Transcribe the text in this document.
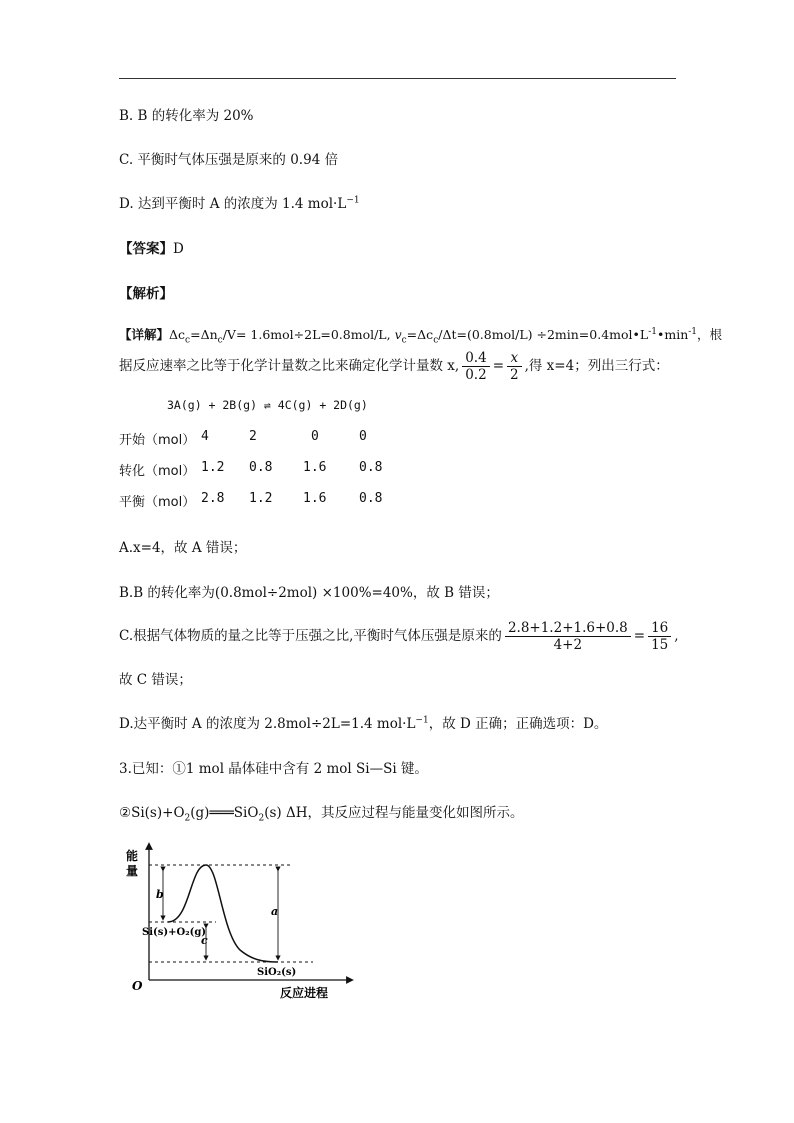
B. B 的转化率为 20%
C. 平衡时气体压强是原来的 0.94 倍
D. 达到平衡时 A 的浓度为 1.4 $mol\cdot L^{-1}$
【答案】D
【解析】
【详解】$\Delta c_c=\Delta n_c/V= 1.6mol\div 2L=0.8mol/L$, $v_c=\Delta c_c/\Delta t=(0.8mol/L)$ $\div 2\min=0.4mol•L^{-1}•\min^{-1}$，根
据反应速率之比等于化学计量数之比来确定化学计量数 x, $\frac{0.4}{0.2} = \frac{x}{2}$ ,得 x=4；列出三行式：
3A(g) + 2B(g) ⇌ 4C(g) + 2D(g)
开始（mol） 4	2	0	0
转化（mol） 1.2 0.8 1.6	0.8
平衡（mol） 2.8 1.2 1.6	0.8
A.x=4，故 A 错误；
B.B 的转化率为(0.8mol÷2mol) ×100%=40%，故 B 错误；
C.根据气体物质的量之比等于压强之比,平衡时气体压强是原来的 $\frac{2.8+1.2+1.6+0.8}{4+2} = \frac{16}{15}$ ,
故 C 错误；
D.达平衡时 A 的浓度为 2.8mol÷2L=1.4 $mol\cdot L^{-1}$，故 D 正确；正确选项：D。
3.已知：①1 mol 晶体硅中含有 2 mol Si—Si 键。
$②Si(s)+O_2(g)═══SiO_2(s)$ ΔH，其反应过程与能量变化如图所示。
能
量
O	反应进程
b
c
a
Si(s)+O₂(g)
SiO₂(s)
